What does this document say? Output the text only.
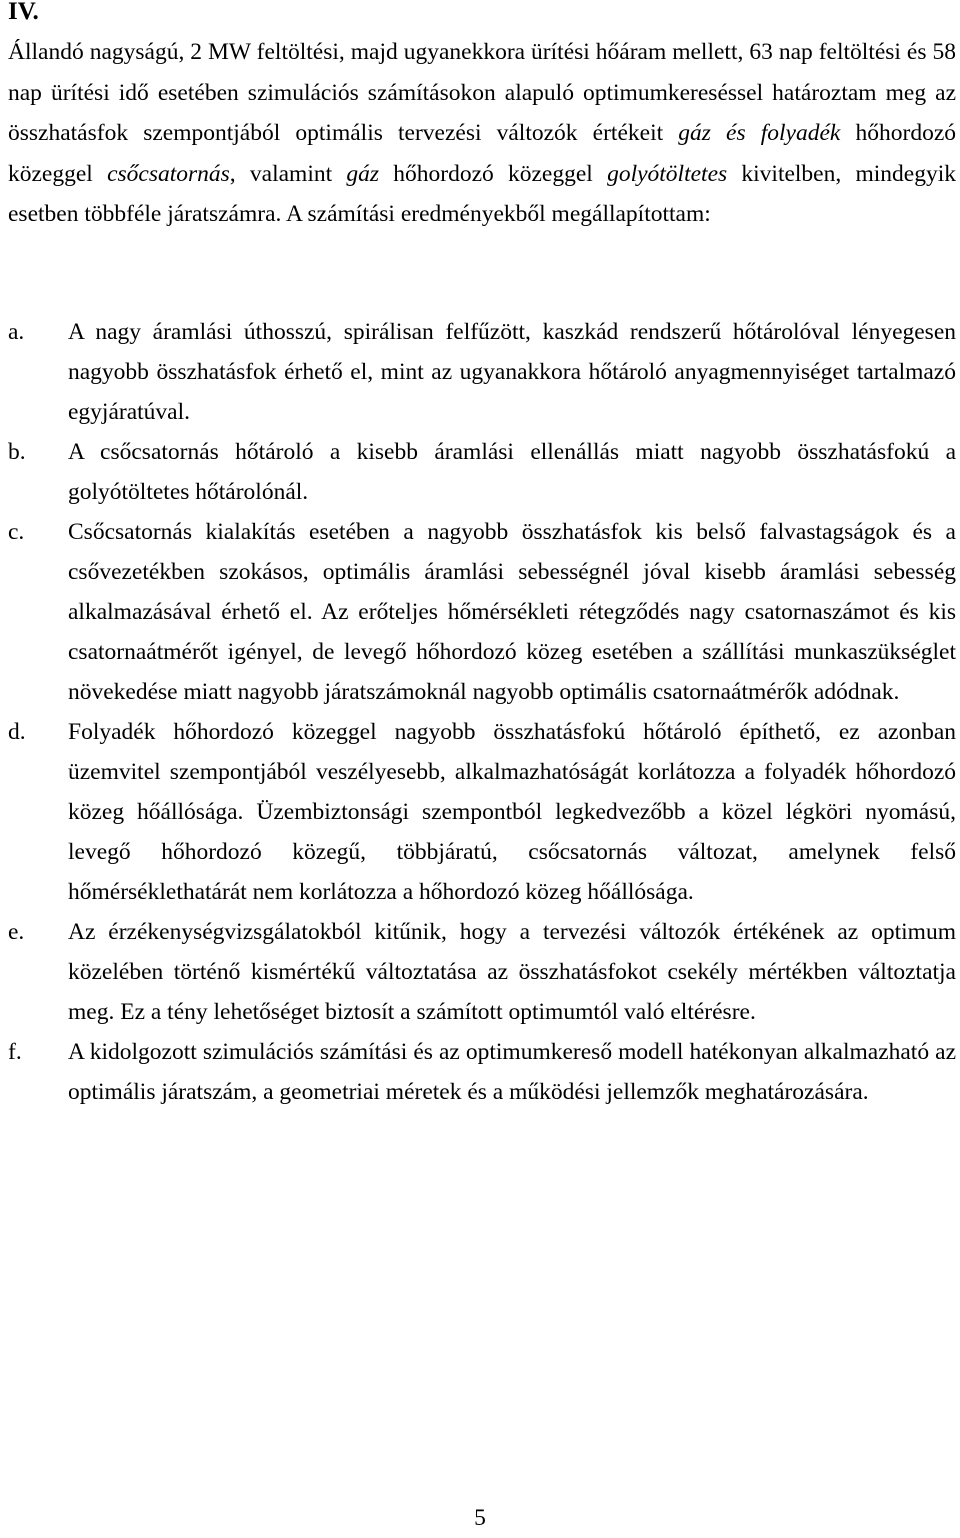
IV.

Állandó nagyságú, 2 MW feltöltési, majd ugyanekkora ürítési hőáram mellett, 63 nap feltöltési és 58 nap ürítési idő esetében szimulációs számításokon alapuló optimumkereséssel határoztam meg az összhatásfok szempontjából optimális tervezési változók értékeit gáz és folyadék hőhordozó közeggel csőcsatornás, valamint gáz hőhordozó közeggel golyótöltetes kivitelben, mindegyik esetben többféle járatszámra. A számítási eredményekből megállapítottam:

a. A nagy áramlási úthosszú, spirálisan felfűzött, kaszkád rendszerű hőtárolóval lényegesen nagyobb összhatásfok érhető el, mint az ugyanakkora hőtároló anyagmennyiséget tartalmazó egyjáratúval.
b. A csőcsatornás hőtároló a kisebb áramlási ellenállás miatt nagyobb összhatásfokú a golyótöltetes hőtárolónál.
c. Csőcsatornás kialakítás esetében a nagyobb összhatásfok kis belső falvastagságok és a csővezetékben szokásos, optimális áramlási sebességnél jóval kisebb áramlási sebesség alkalmazásával érhető el. Az erőteljes hőmérsékleti rétegződés nagy csatornaszámot és kis csatornaátmérőt igényel, de levegő hőhordozó közeg esetében a szállítási munkaszükséglet növekedése miatt nagyobb járatszámoknál nagyobb optimális csatornaátmérők adódnak.
d. Folyadék hőhordozó közeggel nagyobb összhatásfokú hőtároló építhető, ez azonban üzemvitel szempontjából veszélyesebb, alkalmazhatóságát korlátozza a folyadék hőhordozó közeg hőállósága. Üzembiztonsági szempontból legkedvezőbb a közel légköri nyomású, levegő hőhordozó közegű, többjáratú, csőcsatornás változat, amelynek felső hőmérséklethatárát nem korlátozza a hőhordozó közeg hőállósága.
e. Az érzékenységvizsgálatokból kitűnik, hogy a tervezési változók értékének az optimum közelében történő kismértékű változtatása az összhatásfokot csekély mértékben változtatja meg. Ez a tény lehetőséget biztosít a számított optimumtól való eltérésre.
f. A kidolgozott szimulációs számítási és az optimumkereső modell hatékonyan alkalmazható az optimális járatszám, a geometriai méretek és a működési jellemzők meghatározására.
5
